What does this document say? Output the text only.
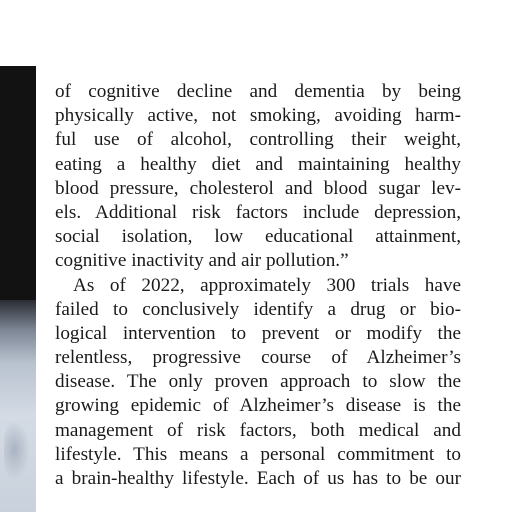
of cognitive decline and dementia by being
physically active, not smoking, avoiding harm-
ful use of alcohol, controlling their weight,
eating a healthy diet and maintaining healthy
blood pressure, cholesterol and blood sugar lev-
els. Additional risk factors include depression,
social isolation, low educational attainment,
cognitive inactivity and air pollution.”
As of 2022, approximately 300 trials have
failed to conclusively identify a drug or bio-
logical intervention to prevent or modify the
relentless, progressive course of Alzheimer’s
disease. The only proven approach to slow the
growing epidemic of Alzheimer’s disease is the
management of risk factors, both medical and
lifestyle. This means a personal commitment to
a brain-healthy lifestyle. Each of us has to be our
